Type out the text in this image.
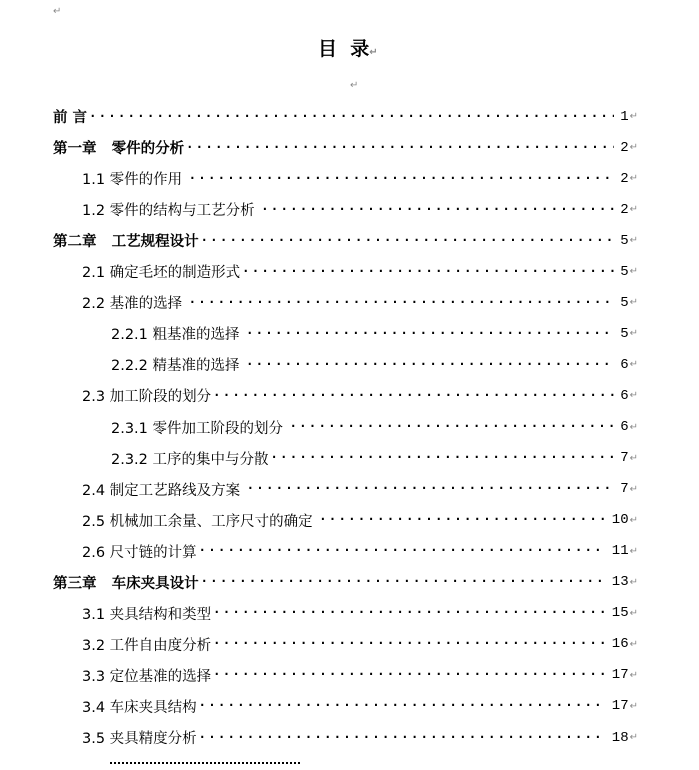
↵
目  录↵
↵
前 言 . . .	1 ↵
第一章   零件的分析 . . .	2 ↵
1.1 零件的作用 . . .	2 ↵
1.2 零件的结构与工艺分析 . . .	2 ↵
第二章   工艺规程设计 . . .	5 ↵
2.1 确定毛坯的制造形式 . . .	5 ↵
2.2 基准的选择 . . .	5 ↵
2.2.1 粗基准的选择 . . .	5 ↵
2.2.2 精基准的选择 . . .	6 ↵
2.3 加工阶段的划分 . . .	6 ↵
2.3.1 零件加工阶段的划分 . . .	6 ↵
2.3.2 工序的集中与分散 . . .	7 ↵
2.4 制定工艺路线及方案 . . .	7 ↵
2.5 机械加工余量、工序尺寸的确定 . . .	10 ↵
2.6 尺寸链的计算 . . .	11 ↵
第三章   车床夹具设计 . . .	13 ↵
3.1 夹具结构和类型 . . .	15 ↵
3.2 工件自由度分析 . . .	16 ↵
3.3 定位基准的选择 . . .	17 ↵
3.4 车床夹具结构 . . .	17 ↵
3.5 夹具精度分析 . . .	18 ↵
